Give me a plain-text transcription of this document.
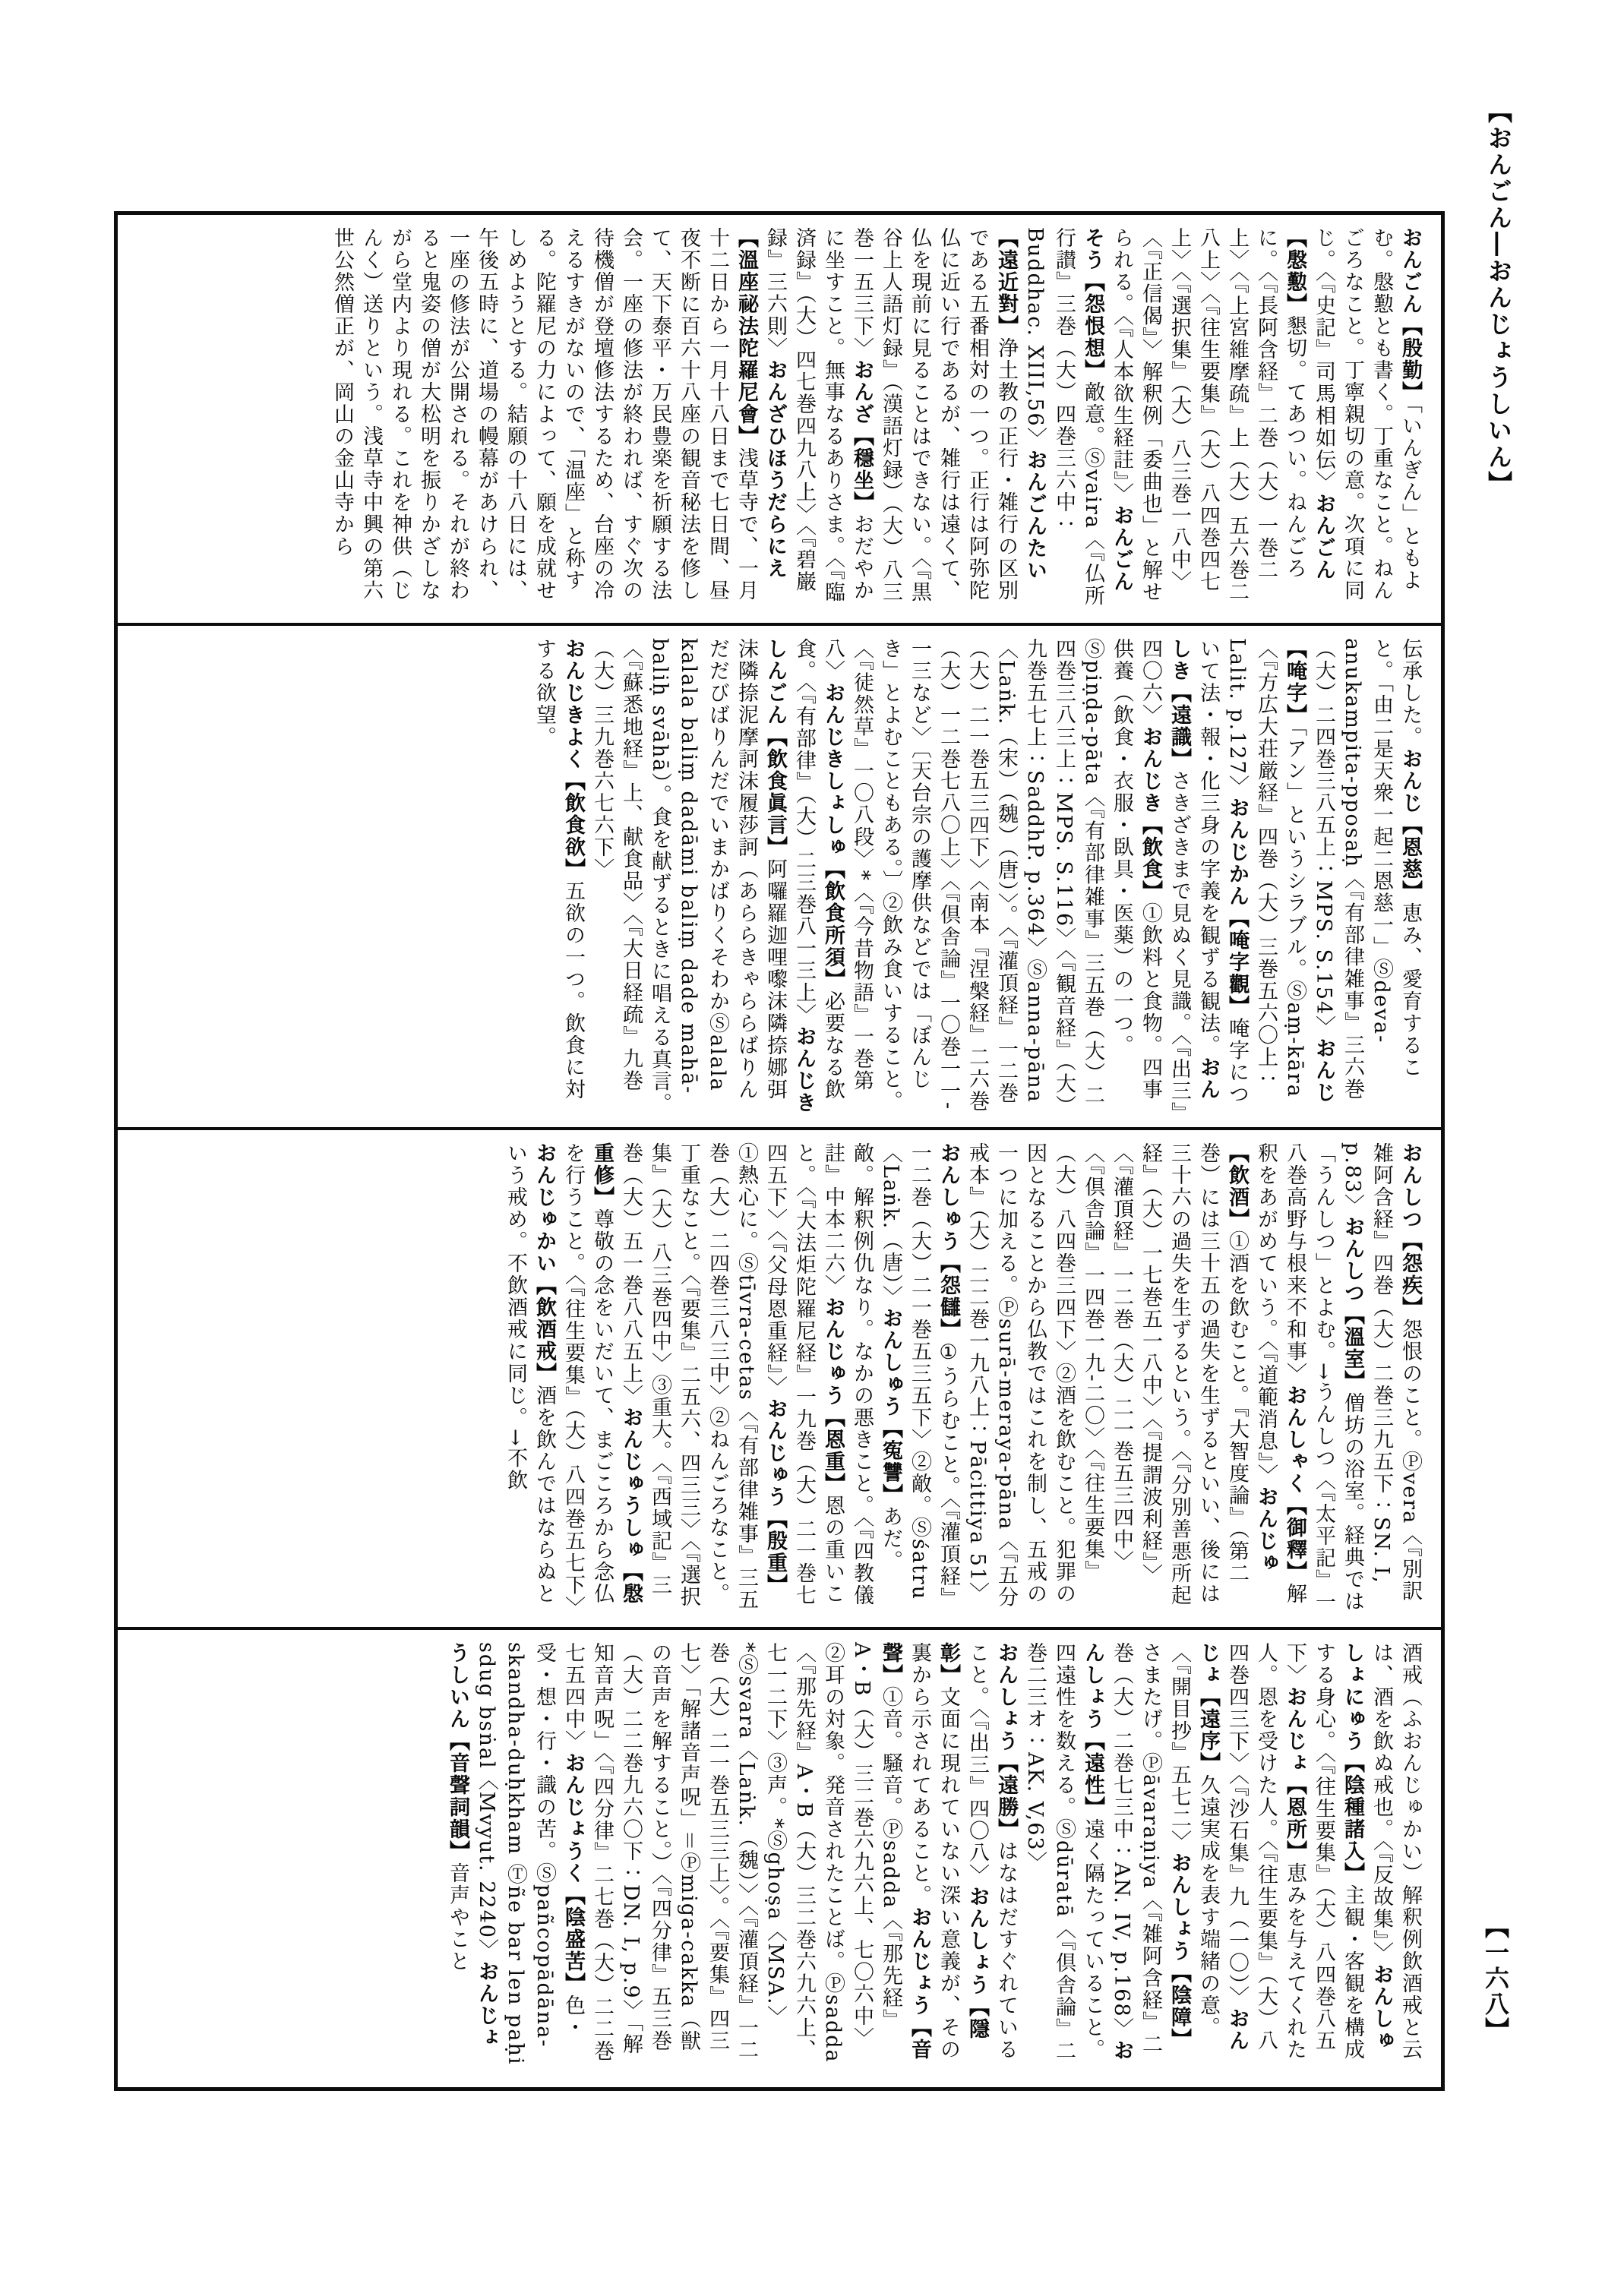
【おんごん―おんじょうしいん】
おんごん【殷勤】「いんぎん」ともよむ。慇懃とも書く。丁重なこと。ねんごろなこと。丁寧親切の意。次項に同じ。〈『史記』司馬相如伝〉おんごん【慇懃】懇切。てあつい。ねんごろに。〈『長阿含経』二巻（大）一巻二上〉〈『上宮維摩疏』上（大）五六巻二八上〉〈『往生要集』（大）八四巻四七上〉〈『選択集』（大）八三巻一八中〉〈『正信偈』〉解釈例「委曲也」と解せられる。〈『人本欲生経註』〉おんごんそう【怨恨想】敵意。Ⓢvaira〈『仏所行讃』三巻（大）四巻三六中：Buddhac. XIII,56〉おんごんたい【遠近對】浄土教の正行・雑行の区別である五番相対の一つ。正行は阿弥陀仏に近い行であるが、雑行は遠くて、仏を現前に見ることはできない。〈『黒谷上人語灯録』（漢語灯録）（大）八三巻一五三下〉おんざ【穩坐】おだやかに坐すこと。無事なるありさま。〈『臨済録』（大）四七巻四九八上〉〈『碧巌録』三六則〉おんざひほうだらにえ【溫座祕法陀羅尼會】浅草寺で、一月十二日から一月十八日まで七日間、昼夜不断に百六十八座の観音秘法を修して、天下泰平・万民豊楽を祈願する法会。一座の修法が終われば、すぐ次の待機僧が登壇修法するため、台座の冷えるすきがないので、「温座」と称する。陀羅尼の力によって、願を成就せしめようとする。結願の十八日には、午後五時に、道場の幔幕があけられ、一座の修法が公開される。それが終わると鬼姿の僧が大松明を振りかざしながら堂内より現れる。これを神供（じんく）送りという。浅草寺中興の第六世公然僧正が、岡山の金山寺から
伝承した。おんじ【恩慈】恵み、愛育すること。「由二是天衆一起二恩慈一」Ⓢdeva-anukampita-pposaḥ〈『有部律雑事』三六巻（大）二四巻三八五上：MPS. S.154〉おんじ【唵字】「アン」というシラブル。Ⓢaṃ-kāra〈『方広大荘厳経』四巻（大）三巻五六〇上：Lalit. p.127〉おんじかん【唵字觀】唵字について法・報・化三身の字義を観ずる観法。おんしき【遠識】さきざきまで見ぬく見識。〈『出三』四〇六〉おんじき【飲食】①飲料と食物。四事供養（飲食・衣服・臥具・医薬）の一つ。Ⓢpiṇḍa-pāta〈『有部律雑事』三五巻（大）二四巻三八三上：MPS. S.116〉〈『観音経』（大）九巻五七上：SaddhP. p.364〉Ⓢanna-pāna〈Laṅk.（宋）（魏）（唐）〉。〈『灌頂経』一二巻（大）二一巻五三四下〉〈南本『涅槃経』二六巻（大）一二巻七八〇上〉〈『倶舎論』一〇巻一一-一三など〉〔天台宗の護摩供などでは「ぼんじき」とよむこともある。〕②飲み食いすること。〈『徒然草』一〇八段〉*〈『今昔物語』一巻第八〉おんじきしょしゅ【飲食所須】必要なる飲食。〈『有部律』（大）二三巻八一三上〉おんじきしんごん【飲食眞言】阿囉羅迦哩嚟沫隣捺娜弭沫隣捺泥摩訶沫履莎訶（あららきゃららばりんだだびばりんだでいまかばりくそわかⓈalala kalala baliṃ dadāmi baliṃ dade mahā-baliḥ svāhā）。食を献ずるときに唱える真言。〈『蘇悉地経』上、献食品〉〈『大日経疏』九巻（大）三九巻六七六下〉おんじきよく【飲食欲】五欲の一つ。飲食に対する欲望。
おんしつ【怨疾】怨恨のこと。Ⓟvera〈『別訳雑阿含経』四巻（大）二巻三九五下：SN. I, p.83〉おんしつ【溫室】僧坊の浴室。経典では「うんしつ」とよむ。→うんしつ〈『太平記』一八巻高野与根来不和事〉おんしゃく【御釋】解釈をあがめていう。〈『道範消息』〉おんじゅ【飲酒】①酒を飲むこと。『大智度論』（第二巻）には三十五の過失を生ずるといい、後には三十六の過失を生ずるという。〈『分別善悪所起経』（大）一七巻五一八中〉〈『提謂波利経』〉〈『灌頂経』一二巻（大）二一巻五三四中〉〈『倶舎論』一四巻一九-二〇〉〈『往生要集』（大）八四巻三四下〉②酒を飲むこと。犯罪の因となることから仏教ではこれを制し、五戒の一つに加える。Ⓟsurā-meraya-pāna〈『五分戒本』（大）二二巻一九八上：Pācittiya 51〉おんしゅう【怨讎】①うらむこと。〈『灌頂経』一二巻（大）二一巻五三五下〉②敵。Ⓢśatru〈Laṅk.（唐）〉おんしゅう【寃讐】あだ。敵。解釈例仇なり。なかの悪きこと。〈『四教儀註』中本二六〉おんじゅう【恩重】恩の重いこと。〈『大法炬陀羅尼経』一九巻（大）二一巻七四五下〉〈『父母恩重経』〉おんじゅう【殷重】①熱心に。Ⓢtīvra-cetas〈『有部律雑事』三五巻（大）二四巻三八三中〉②ねんごろなこと。丁重なこと。〈『要集』二五六、四三三〉〈『選択集』（大）八三巻四中〉③重大。〈『西域記』三巻（大）五一巻八八五上〉おんじゅうしゅ【慇重修】尊敬の念をいだいて、まごころから念仏を行うこと。〈『往生要集』（大）八四巻五七下〉おんじゅかい【飲酒戒】酒を飲んではならぬという戒め。不飲酒戒に同じ。→不飲
酒戒（ふおんじゅかい）解釈例飲酒戒と云は、酒を飲ぬ戒也。〈『反故集』〉おんしゅしょにゅう【陰種諸入】主観・客観を構成する身心。〈『往生要集』（大）八四巻八五下〉おんじょ【恩所】恵みを与えてくれた人。恩を受けた人。〈『往生要集』（大）八四巻四三下〉〈『沙石集』九（一〇）〉おんじょ【遠序】久遠実成を表す端緒の意。〈『開目抄』五七二〉おんしょう【陰障】さまたげ。Ⓟāvaraṇiya〈『雑阿含経』二巻（大）二巻七三中：AN. IV, p.168〉おんしょう【遠性】遠く隔たっていること。四遠性を数える。Ⓢdūratā〈『倶舎論』二巻二三オ：AK. V,63〉おんしょう【遠勝】はなはだすぐれていること。〈『出三』四〇八〉おんしょう【隱彰】文面に現れていない深い意義が、その裏から示されてあること。おんじょう【音聲】①音。騒音。Ⓟsadda〈『那先経』A・B（大）三二巻六九六上、七〇六中〉②耳の対象。発音されたことば。Ⓟsadda〈『那先経』A・B（大）三二巻六九六上、七一二下〉③声。*Ⓢghoṣa〈MSA.〉*Ⓢsvara〈Laṅk.（魏）〉〈『灌頂経』一二巻（大）二一巻五三三上〉。〈『要集』四三七〉「解諸音声呪」＝Ⓟmiga-cakka（獣の音声を解すること。）〈『四分律』五三巻（大）二二巻九六〇下：DN. I, p.9〉「解知音声呪」〈『四分律』二七巻（大）二二巻七五四中〉おんじょうく【陰盛苦】色・受・想・行・識の苦。Ⓢpañcopādāna-skandha-duḥkham Ⓣñe bar len paḥi sdug bsṅal〈Mvyut. 2240〉おんじょうしいん【音聲詞韻】音声やこと	【一六八】
